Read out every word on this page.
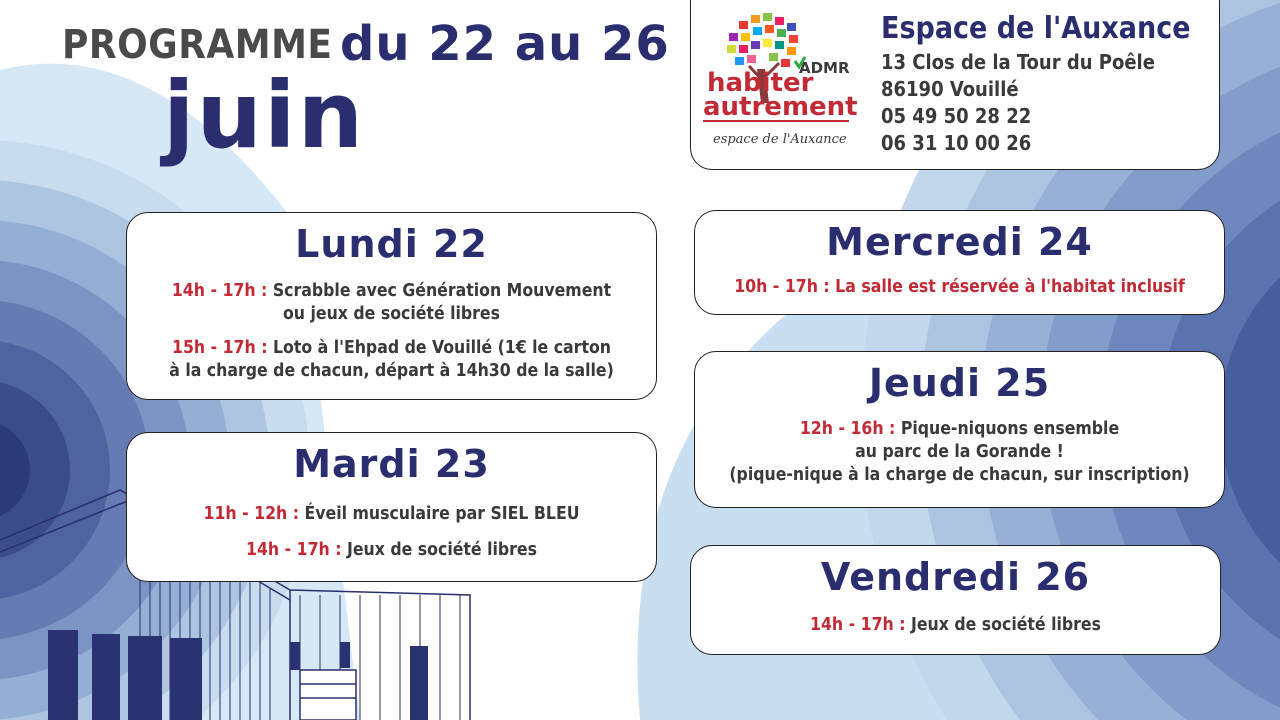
PROGRAMME du 22 au 26
juin	ADMR
habiter
autrement
espace de l'Auxance
Espace de l'Auxance
13 Clos de la Tour du Poêle
86190 Vouillé
05 49 50 28 22
06 31 10 00 26
Lundi 22
14h - 17h : Scrabble avec Génération Mouvement
ou jeux de société libres
15h - 17h : Loto à l'Ehpad de Vouillé (1€ le carton
à la charge de chacun, départ à 14h30 de la salle)
Mardi 23
11h - 12h : Éveil musculaire par SIEL BLEU
14h - 17h : Jeux de société libres
Mercredi 24
10h - 17h : La salle est réservée à l'habitat inclusif
Jeudi 25
12h - 16h : Pique-niquons ensemble
au parc de la Gorande !
(pique-nique à la charge de chacun, sur inscription)
Vendredi 26
14h - 17h : Jeux de société libres
